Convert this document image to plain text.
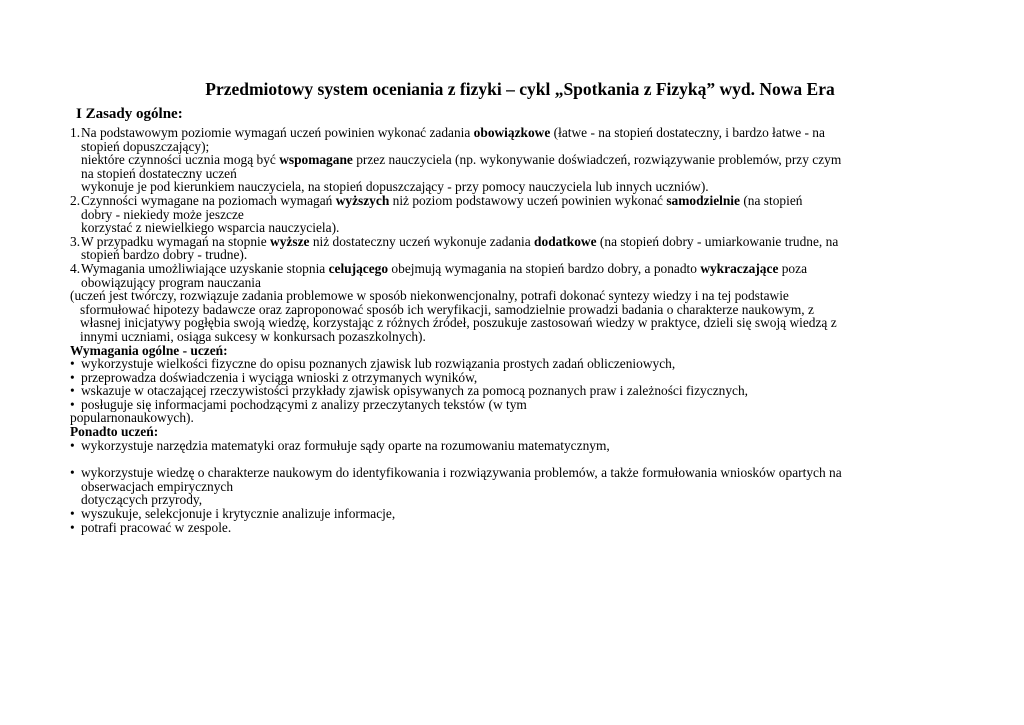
Przedmiotowy system oceniania z fizyki – cykl „Spotkania z Fizyką” wyd. Nowa Era
I Zasady ogólne:
1. Na podstawowym poziomie wymagań uczeń powinien wykonać zadania obowiązkowe (łatwe - na stopień dostateczny, i bardzo łatwe - na
stopień dopuszczający);
niektóre czynności ucznia mogą być wspomagane przez nauczyciela (np. wykonywanie doświadczeń, rozwiązywanie problemów, przy czym
na stopień dostateczny uczeń
wykonuje je pod kierunkiem nauczyciela, na stopień dopuszczający - przy pomocy nauczyciela lub innych uczniów).
2. Czynności wymagane na poziomach wymagań wyższych niż poziom podstawowy uczeń powinien wykonać samodzielnie (na stopień
dobry - niekiedy może jeszcze
korzystać z niewielkiego wsparcia nauczyciela).
3. W przypadku wymagań na stopnie wyższe niż dostateczny uczeń wykonuje zadania dodatkowe (na stopień dobry - umiarkowanie trudne, na
stopień bardzo dobry - trudne).
4. Wymagania umożliwiające uzyskanie stopnia celującego obejmują wymagania na stopień bardzo dobry, a ponadto wykraczające poza
obowiązujący program nauczania
(uczeń jest twórczy, rozwiązuje zadania problemowe w sposób niekonwencjonalny, potrafi dokonać syntezy wiedzy i na tej podstawie
sformułować hipotezy badawcze oraz zaproponować sposób ich weryfikacji, samodzielnie prowadzi badania o charakterze naukowym, z
własnej inicjatywy pogłębia swoją wiedzę, korzystając z różnych źródeł, poszukuje zastosowań wiedzy w praktyce, dzieli się swoją wiedzą z
innymi uczniami, osiąga sukcesy w konkursach pozaszkolnych).
Wymagania ogólne - uczeń:
• wykorzystuje wielkości fizyczne do opisu poznanych zjawisk lub rozwiązania prostych zadań obliczeniowych,
• przeprowadza doświadczenia i wyciąga wnioski z otrzymanych wyników,
• wskazuje w otaczającej rzeczywistości przykłady zjawisk opisywanych za pomocą poznanych praw i zależności fizycznych,
• posługuje się informacjami pochodzącymi z analizy przeczytanych tekstów (w tym
popularnonaukowych).
Ponadto uczeń:
• wykorzystuje narzędzia matematyki oraz formułuje sądy oparte na rozumowaniu matematycznym,
• wykorzystuje wiedzę o charakterze naukowym do identyfikowania i rozwiązywania problemów, a także formułowania wniosków opartych na
obserwacjach empirycznych
dotyczących przyrody,
• wyszukuje, selekcjonuje i krytycznie analizuje informacje,
• potrafi pracować w zespole.
